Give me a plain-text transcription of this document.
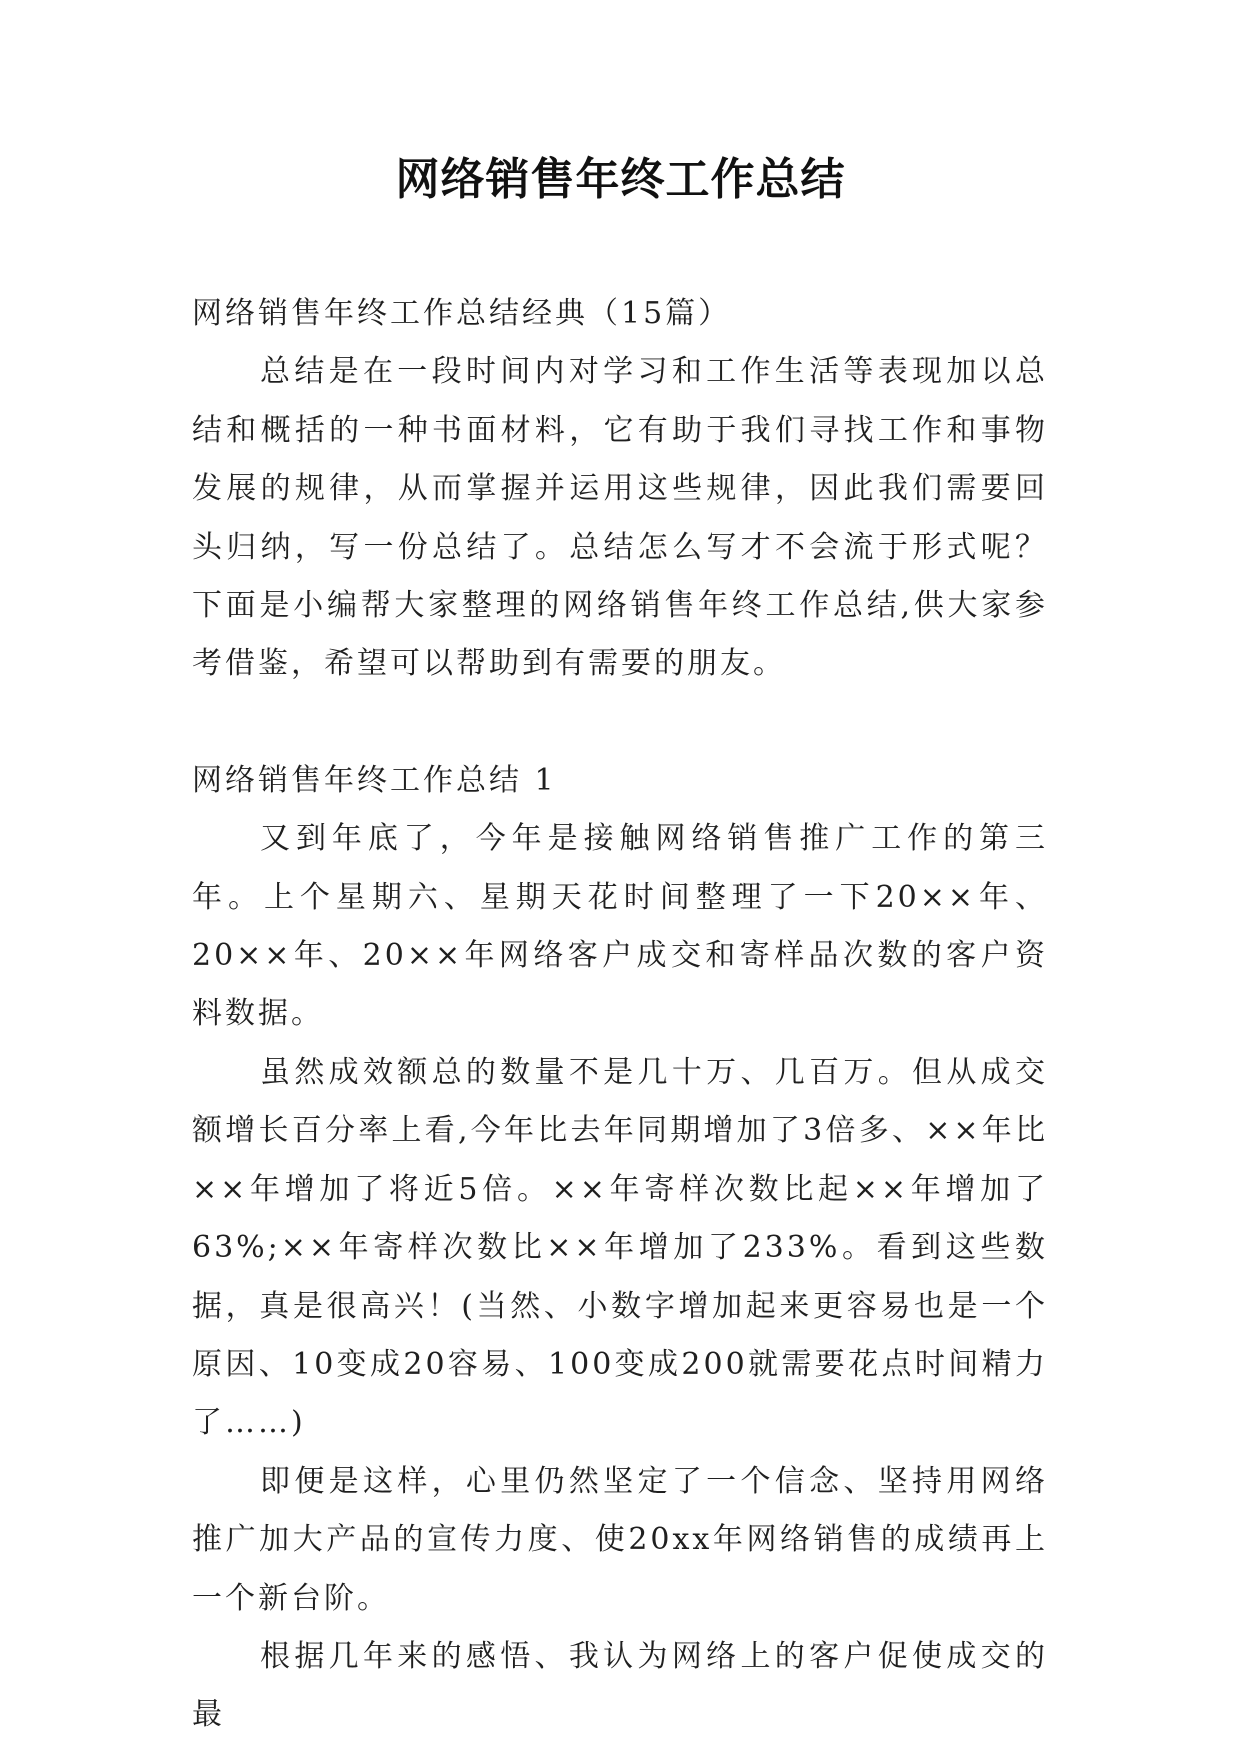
网络销售年终工作总结

网络销售年终工作总结经典（15篇）

总结是在一段时间内对学习和工作生活等表现加以总结和概括的一种书面材料，它有助于我们寻找工作和事物发展的规律，从而掌握并运用这些规律，因此我们需要回头归纳，写一份总结了。总结怎么写才不会流于形式呢？下面是小编帮大家整理的网络销售年终工作总结,供大家参考借鉴，希望可以帮助到有需要的朋友。

网络销售年终工作总结 1

又到年底了，今年是接触网络销售推广工作的第三年。上个星期六、星期天花时间整理了一下20××年、20××年、20××年网络客户成交和寄样品次数的客户资料数据。

虽然成效额总的数量不是几十万、几百万。但从成交额增长百分率上看,今年比去年同期增加了3倍多、××年比××年增加了将近5倍。××年寄样次数比起××年增加了63%;××年寄样次数比××年增加了233%。看到这些数据，真是很高兴！(当然、小数字增加起来更容易也是一个原因、10变成20容易、100变成200就需要花点时间精力了……)

即便是这样，心里仍然坚定了一个信念、坚持用网络推广加大产品的宣传力度、使20xx年网络销售的成绩再上一个新台阶。

根据几年来的感悟、我认为网络上的客户促使成交的最
